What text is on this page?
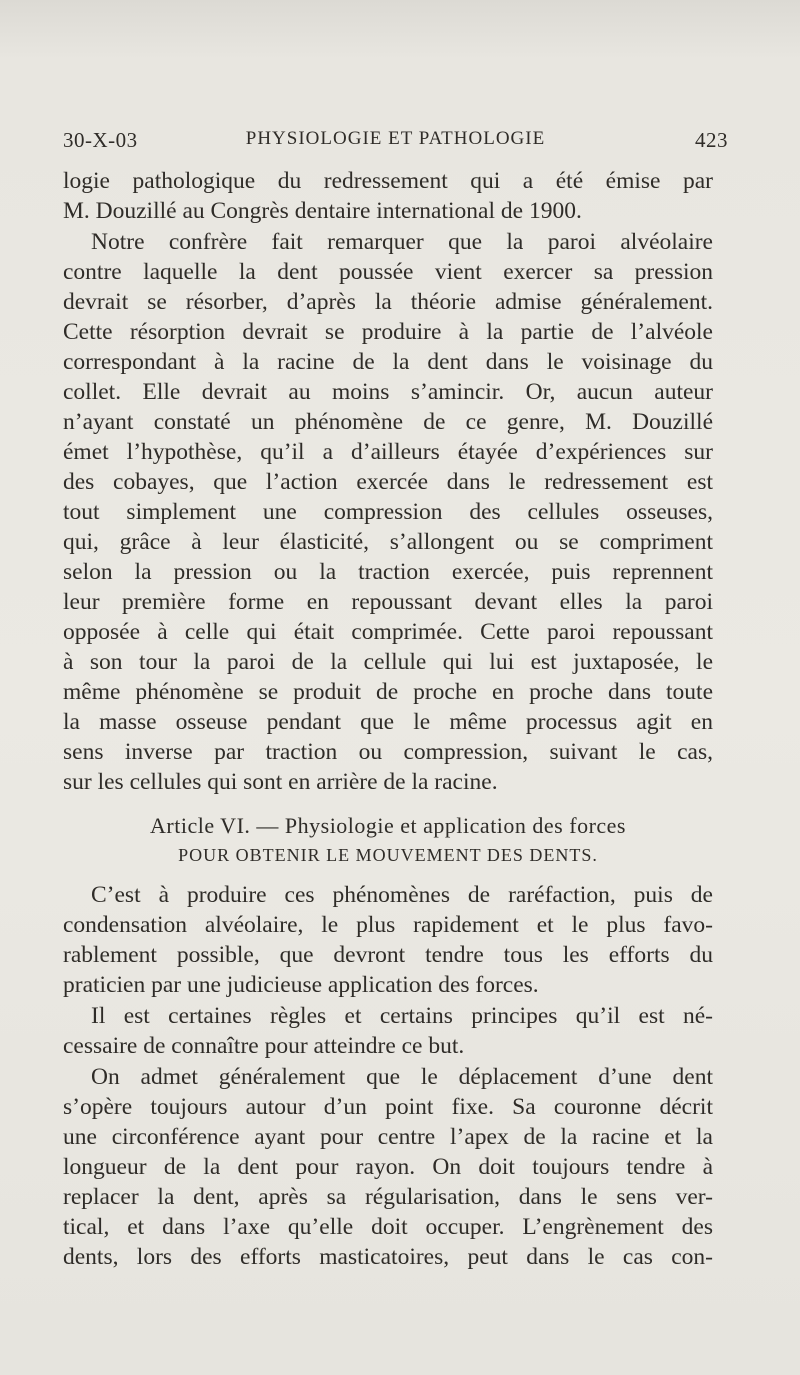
30-X-03	PHYSIOLOGIE ET PATHOLOGIE	423
logie pathologique du redressement qui a été émise par
M. Douzillé au Congrès dentaire international de 1900.
Notre confrère fait remarquer que la paroi alvéolaire
contre laquelle la dent poussée vient exercer sa pression
devrait se résorber, d’après la théorie admise généralement.
Cette résorption devrait se produire à la partie de l’alvéole
correspondant à la racine de la dent dans le voisinage du
collet. Elle devrait au moins s’amincir. Or, aucun auteur
n’ayant constaté un phénomène de ce genre, M. Douzillé
émet l’hypothèse, qu’il a d’ailleurs étayée d’expériences sur
des cobayes, que l’action exercée dans le redressement est
tout simplement une compression des cellules osseuses,
qui, grâce à leur élasticité, s’allongent ou se compriment
selon la pression ou la traction exercée, puis reprennent
leur première forme en repoussant devant elles la paroi
opposée à celle qui était comprimée. Cette paroi repoussant
à son tour la paroi de la cellule qui lui est juxtaposée, le
même phénomène se produit de proche en proche dans toute
la masse osseuse pendant que le même processus agit en
sens inverse par traction ou compression, suivant le cas,
sur les cellules qui sont en arrière de la racine.
Article VI. — Physiologie et application des forces
POUR OBTENIR LE MOUVEMENT DES DENTS.
C’est à produire ces phénomènes de raréfaction, puis de
condensation alvéolaire, le plus rapidement et le plus favo-
rablement possible, que devront tendre tous les efforts du
praticien par une judicieuse application des forces.
Il est certaines règles et certains principes qu’il est né-
cessaire de connaître pour atteindre ce but.
On admet généralement que le déplacement d’une dent
s’opère toujours autour d’un point fixe. Sa couronne décrit
une circonférence ayant pour centre l’apex de la racine et la
longueur de la dent pour rayon. On doit toujours tendre à
replacer la dent, après sa régularisation, dans le sens ver-
tical, et dans l’axe qu’elle doit occuper. L’engrènement des
dents, lors des efforts masticatoires, peut dans le cas con-
